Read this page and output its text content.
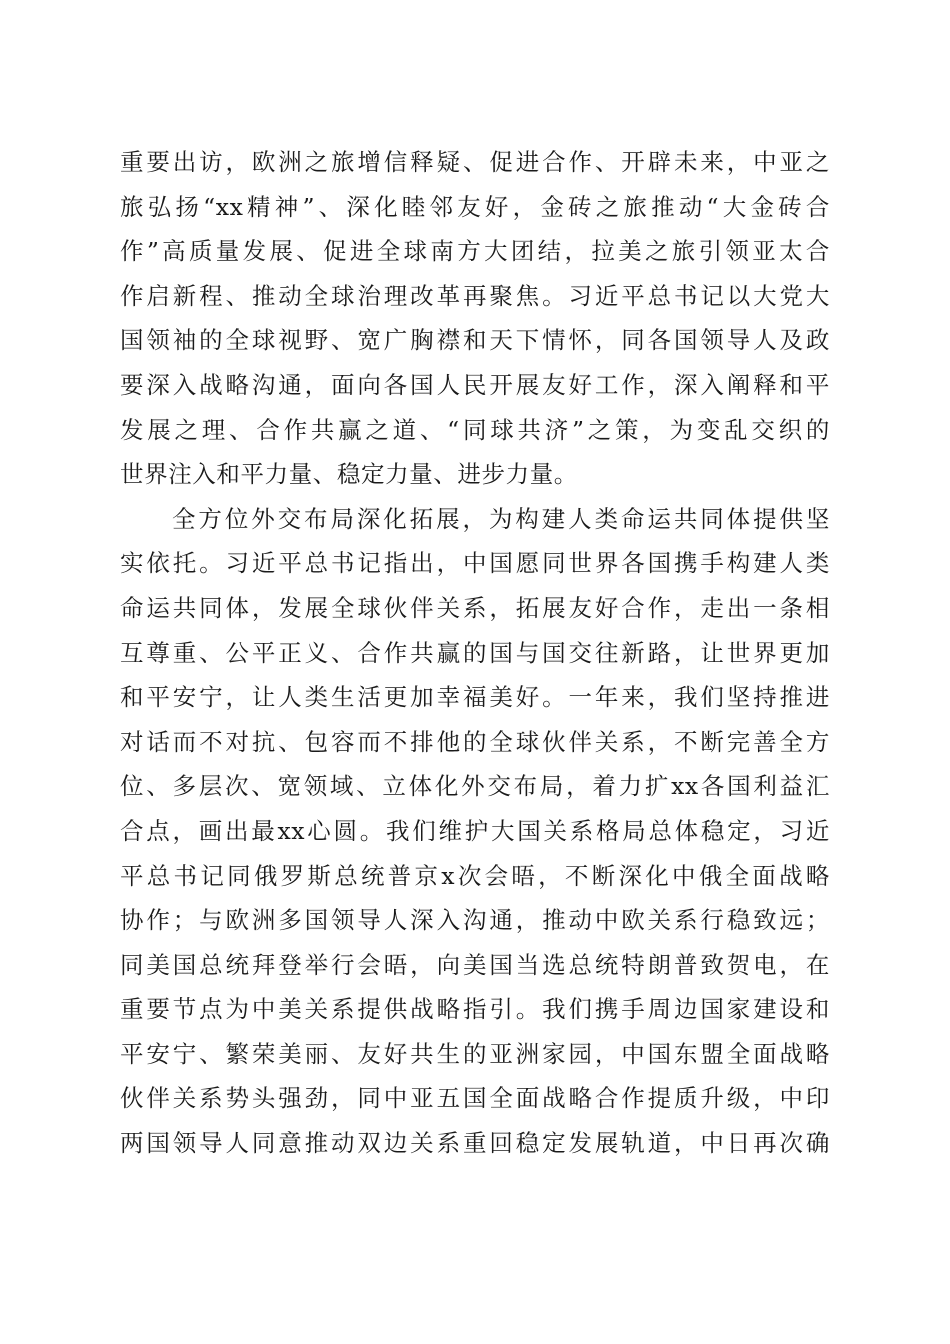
重要出访，欧洲之旅增信释疑、促进合作、开辟未来，中亚之
旅弘扬“xx精神”、深化睦邻友好，金砖之旅推动“大金砖合
作”高质量发展、促进全球南方大团结，拉美之旅引领亚太合
作启新程、推动全球治理改革再聚焦。习近平总书记以大党大
国领袖的全球视野、宽广胸襟和天下情怀，同各国领导人及政
要深入战略沟通，面向各国人民开展友好工作，深入阐释和平
发展之理、合作共赢之道、“同球共济”之策，为变乱交织的
世界注入和平力量、稳定力量、进步力量。
全方位外交布局深化拓展，为构建人类命运共同体提供坚
实依托。习近平总书记指出，中国愿同世界各国携手构建人类
命运共同体，发展全球伙伴关系，拓展友好合作，走出一条相
互尊重、公平正义、合作共赢的国与国交往新路，让世界更加
和平安宁，让人类生活更加幸福美好。一年来，我们坚持推进
对话而不对抗、包容而不排他的全球伙伴关系，不断完善全方
位、多层次、宽领域、立体化外交布局，着力扩xx各国利益汇
合点，画出最xx心圆。我们维护大国关系格局总体稳定，习近
平总书记同俄罗斯总统普京x次会晤，不断深化中俄全面战略
协作；与欧洲多国领导人深入沟通，推动中欧关系行稳致远；
同美国总统拜登举行会晤，向美国当选总统特朗普致贺电，在
重要节点为中美关系提供战略指引。我们携手周边国家建设和
平安宁、繁荣美丽、友好共生的亚洲家园，中国东盟全面战略
伙伴关系势头强劲，同中亚五国全面战略合作提质升级，中印
两国领导人同意推动双边关系重回稳定发展轨道，中日再次确
